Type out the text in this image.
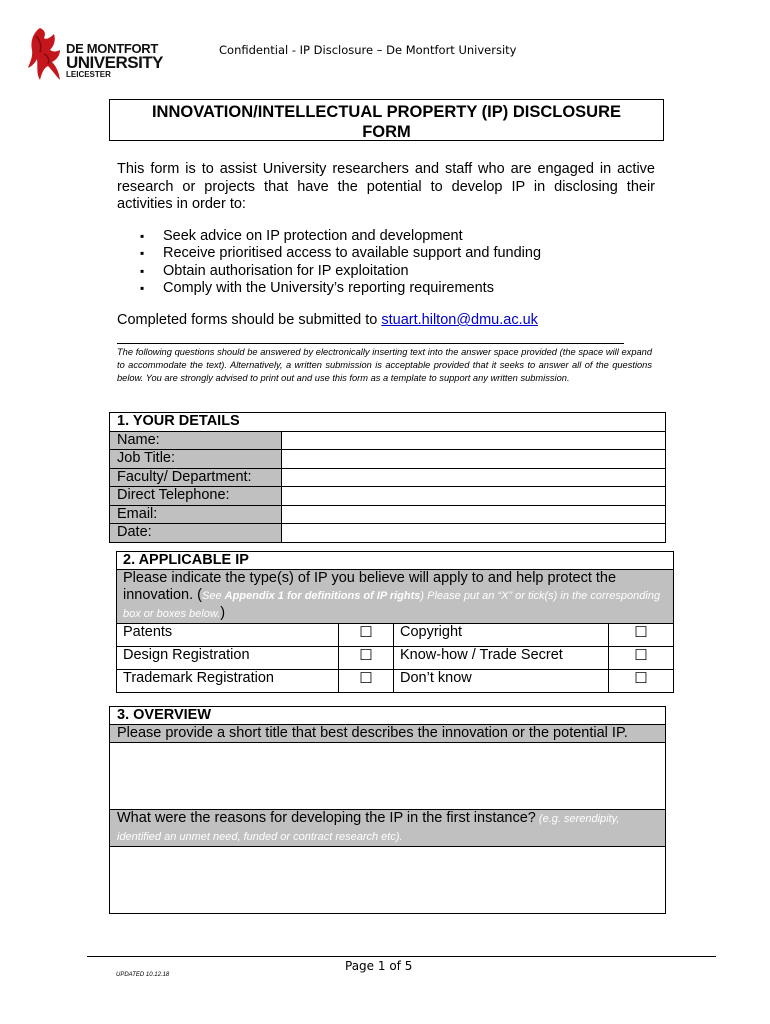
DE MONTFORT
UNIVERSITY
LEICESTER
Confidential - IP Disclosure – De Montfort University
INNOVATION/INTELLECTUAL PROPERTY (IP) DISCLOSURE
FORM
This form is to assist University researchers and staff who are engaged in active research or projects that have the potential to develop IP in disclosing their activities in order to:
▪ Seek advice on IP protection and development
▪ Receive prioritised access to available support and funding
▪ Obtain authorisation for IP exploitation
▪ Comply with the University’s reporting requirements
Completed forms should be submitted to stuart.hilton@dmu.ac.uk
The following questions should be answered by electronically inserting text into the answer space provided (the space will expand to accommodate the text). Alternatively, a written submission is acceptable provided that it seeks to answer all of the questions below. You are strongly advised to print out and use this form as a template to support any written submission.
1. YOUR DETAILS	
Name:	
Job Title:	
Faculty/ Department:	
Direct Telephone:	
Email:	
Date:	
2. APPLICABLE IP			
Please indicate the type(s) of IP you believe will apply to and help protect the innovation. (See Appendix 1 for definitions of IP rights) Please put an “X” or tick(s) in the corresponding box or boxes below.)			
Patents	☐	Copyright	☐
Design Registration	☐	Know-how / Trade Secret	☐
Trademark Registration	☐	Don’t know	☐
3. OVERVIEW
Please provide a short title that best describes the innovation or the potential IP.

What were the reasons for developing the IP in the first instance? (e.g. serendipity, identified an unmet need, funded or contract research etc).

Page 1 of 5
UPDATED 10.12.18
